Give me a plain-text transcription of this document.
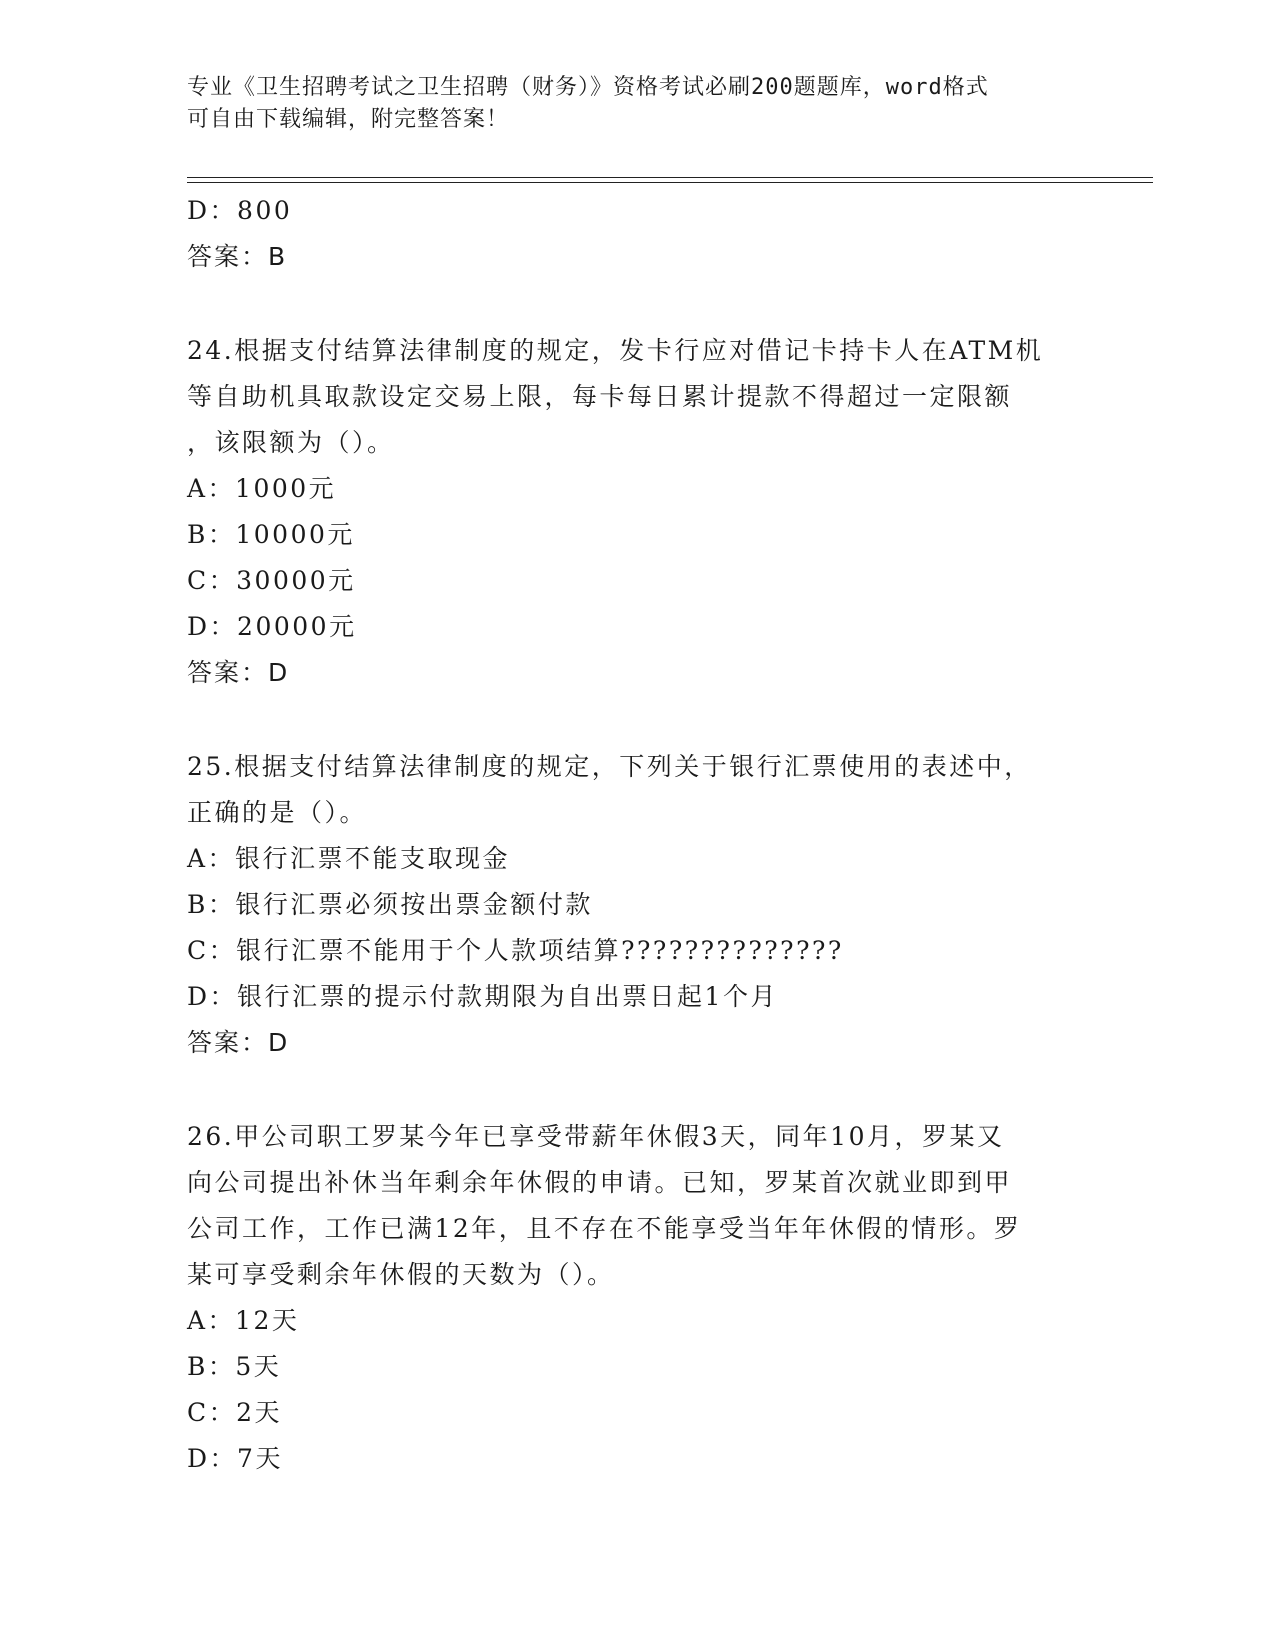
专业《卫生招聘考试之卫生招聘（财务）》资格考试必刷200题题库，word格式
可自由下载编辑，附完整答案！
D：800
答案：B
24.根据支付结算法律制度的规定，发卡行应对借记卡持卡人在ATM机
等自助机具取款设定交易上限，每卡每日累计提款不得超过一定限额
，该限额为（）。
A：1000元
B：10000元
C：30000元
D：20000元
答案：D
25.根据支付结算法律制度的规定，下列关于银行汇票使用的表述中，
正确的是（）。
A：银行汇票不能支取现金
B：银行汇票必须按出票金额付款
C：银行汇票不能用于个人款项结算??????????????
D：银行汇票的提示付款期限为自出票日起1个月
答案：D
26.甲公司职工罗某今年已享受带薪年休假3天，同年10月，罗某又
向公司提出补休当年剩余年休假的申请。已知，罗某首次就业即到甲
公司工作，工作已满12年，且不存在不能享受当年年休假的情形。罗
某可享受剩余年休假的天数为（）。
A：12天
B：5天
C：2天
D：7天
